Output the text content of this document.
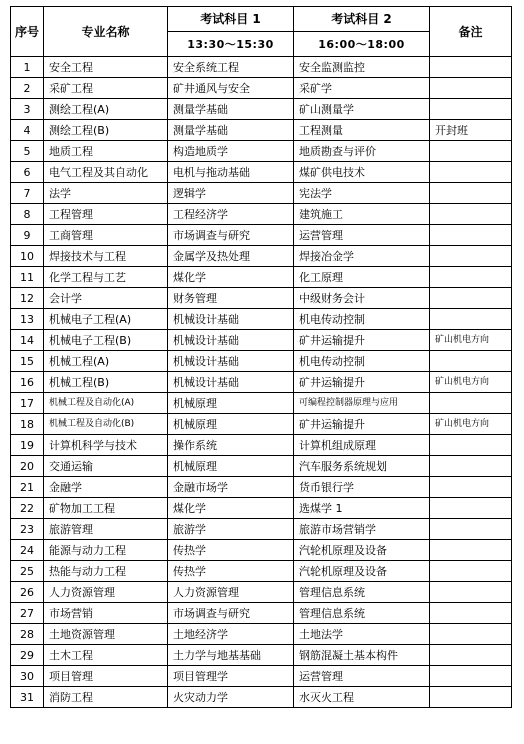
序号	专业名称	考试科目 1	考试科目 2	备注
		13:30～15:30	16:00～18:00	
1	安全工程	安全系统工程	安全监测监控	
2	采矿工程	矿井通风与安全	采矿学	
3	测绘工程(A)	测量学基础	矿山测量学	
4	测绘工程(B)	测量学基础	工程测量	开封班
5	地质工程	构造地质学	地质勘查与评价	
6	电气工程及其自动化	电机与拖动基础	煤矿供电技术	
7	法学	逻辑学	宪法学	
8	工程管理	工程经济学	建筑施工	
9	工商管理	市场调查与研究	运营管理	
10	焊接技术与工程	金属学及热处理	焊接冶金学	
11	化学工程与工艺	煤化学	化工原理	
12	会计学	财务管理	中级财务会计	
13	机械电子工程(A)	机械设计基础	机电传动控制	
14	机械电子工程(B)	机械设计基础	矿井运输提升	矿山机电方向
15	机械工程(A)	机械设计基础	机电传动控制	
16	机械工程(B)	机械设计基础	矿井运输提升	矿山机电方向
17	机械工程及自动化(A)	机械原理	可编程控制器原理与应用	
18	机械工程及自动化(B)	机械原理	矿井运输提升	矿山机电方向
19	计算机科学与技术	操作系统	计算机组成原理	
20	交通运输	机械原理	汽车服务系统规划	
21	金融学	金融市场学	货币银行学	
22	矿物加工工程	煤化学	选煤学 1	
23	旅游管理	旅游学	旅游市场营销学	
24	能源与动力工程	传热学	汽轮机原理及设备	
25	热能与动力工程	传热学	汽轮机原理及设备	
26	人力资源管理	人力资源管理	管理信息系统	
27	市场营销	市场调查与研究	管理信息系统	
28	土地资源管理	土地经济学	土地法学	
29	土木工程	土力学与地基基础	钢筋混凝土基本构件	
30	项目管理	项目管理学	运营管理	
31	消防工程	火灾动力学	水灭火工程	
